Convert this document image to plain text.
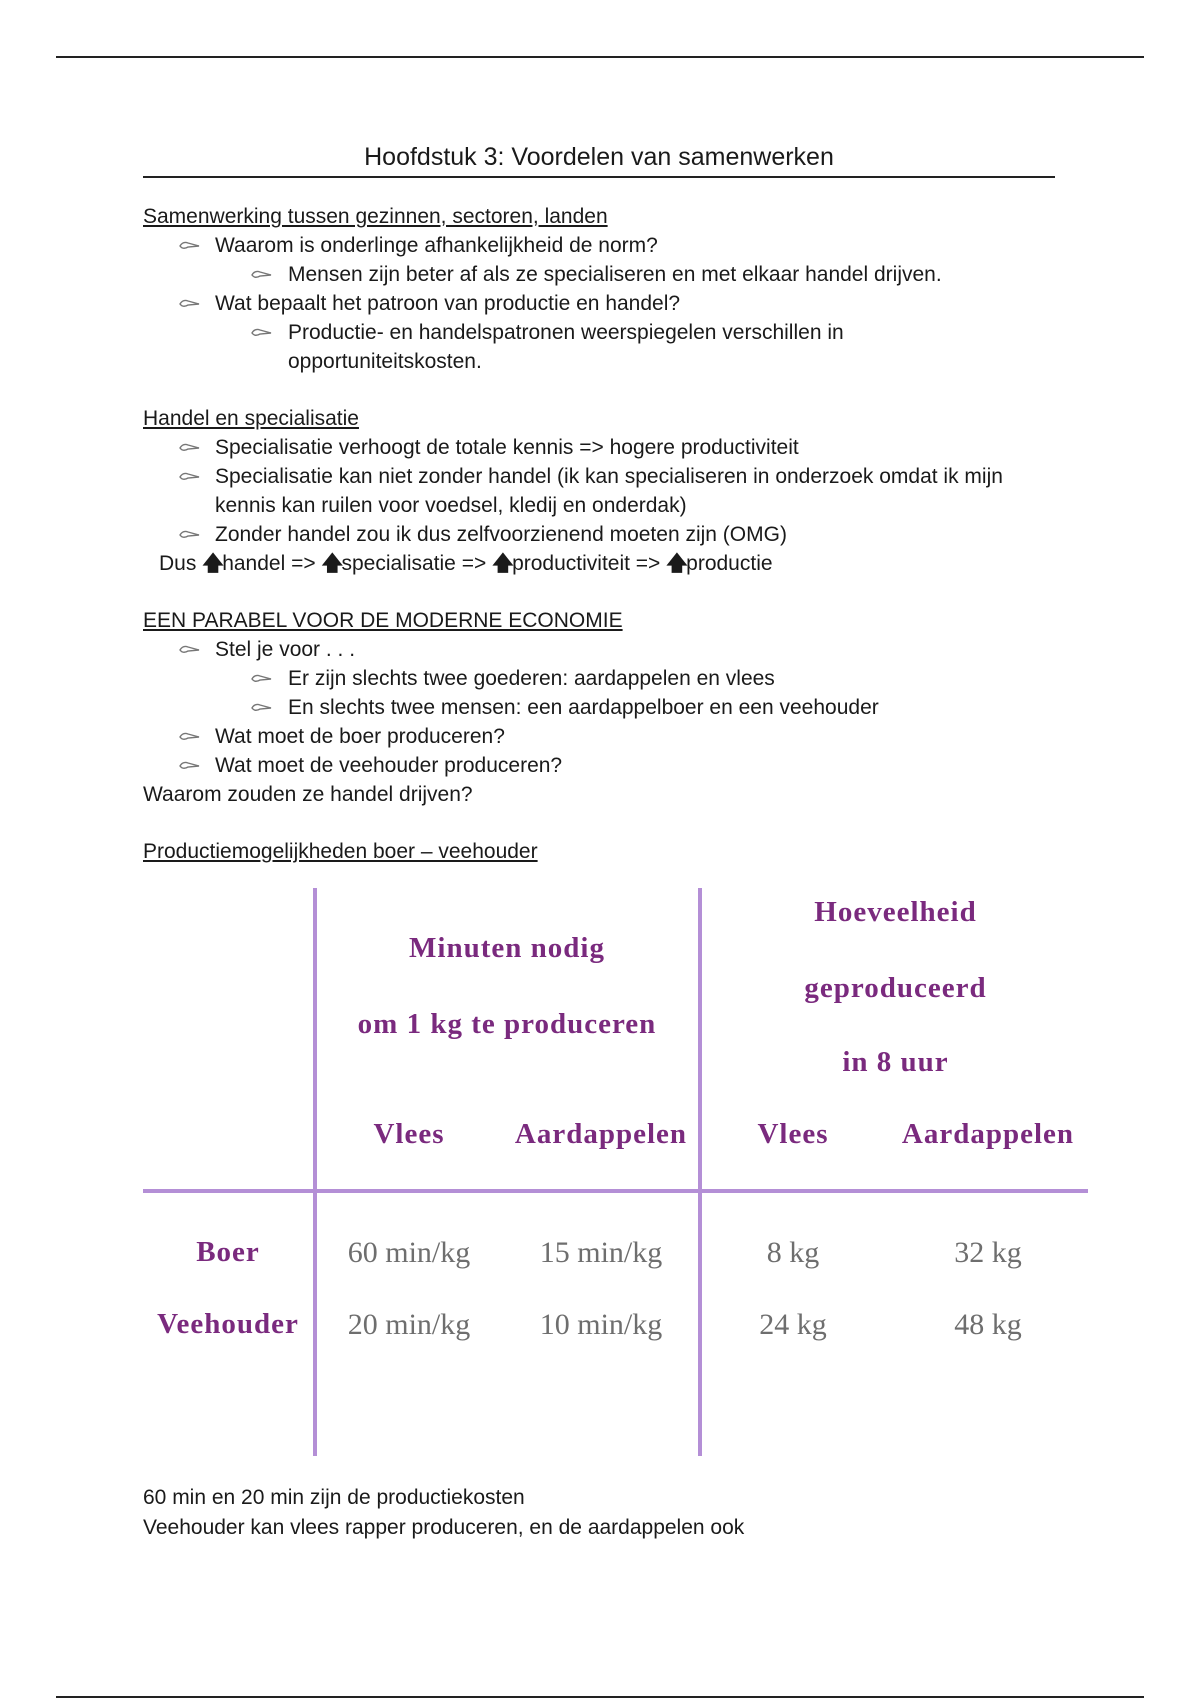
Hoofdstuk 3: Voordelen van samenwerken
Samenwerking tussen gezinnen, sectoren, landen
Waarom is onderlinge afhankelijkheid de norm?
Mensen zijn beter af als ze specialiseren en met elkaar handel drijven.
Wat bepaalt het patroon van productie en handel?
Productie- en handelspatronen weerspiegelen verschillen in
opportuniteitskosten.
Handel en specialisatie
Specialisatie verhoogt de totale kennis => hogere productiviteit
Specialisatie kan niet zonder handel (ik kan specialiseren in onderzoek omdat ik mijn
kennis kan ruilen voor voedsel, kledij en onderdak)
Zonder handel zou ik dus zelfvoorzienend moeten zijn (OMG)
Dus 🡅handel => 🡅specialisatie => 🡅productiviteit => 🡅productie
EEN PARABEL VOOR DE MODERNE ECONOMIE
Stel je voor . . .
Er zijn slechts twee goederen: aardappelen en vlees
En slechts twee mensen: een aardappelboer en een veehouder
Wat moet de boer produceren?
Wat moet de veehouder produceren?
Waarom zouden ze handel drijven?
Productiemogelijkheden boer – veehouder
Minuten nodig
om 1 kg te produceren
Hoeveelheid
geproduceerd
in 8 uur
Vlees	Aardappelen	Vlees	Aardappelen
Boer	60 min/kg	15 min/kg	8 kg	32 kg
Veehouder	20 min/kg	10 min/kg	24 kg	48 kg
60 min en 20 min zijn de productiekosten
Veehouder kan vlees rapper produceren, en de aardappelen ook
